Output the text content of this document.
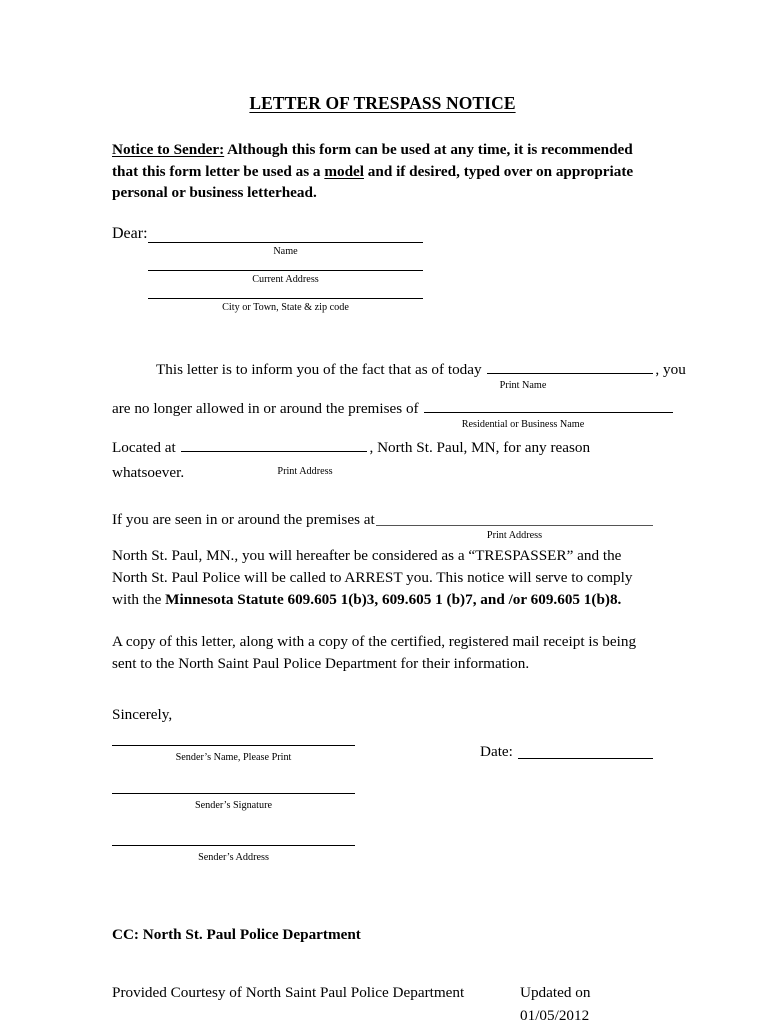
LETTER OF TRESPASS NOTICE

Notice to Sender: Although this form can be used at any time, it is recommended that this form letter be used as a model and if desired, typed over on appropriate personal or business letterhead.

Dear:
Name
Current Address
City or Town, State & zip code
This letter is to inform you of the fact that as of today	, you
Print Name
are no longer allowed in or around the premises of
Residential or Business Name
Located at	, North St. Paul, MN, for any reason
whatsoever.	Print Address
If you are seen in or around the premises at
Print Address

North St. Paul, MN., you will hereafter be considered as a “TRESPASSER” and the North St. Paul Police will be called to ARREST you. This notice will serve to comply with the Minnesota Statute 609.605 1(b)3, 609.605 1 (b)7, and /or 609.605 1(b)8.

A copy of this letter, along with a copy of the certified, registered mail receipt is being sent to the North Saint Paul Police Department for their information.

Sincerely,

Sender’s Name, Please Print
Sender’s Signature
Sender’s Address
Date:

CC: North St. Paul Police Department

Provided Courtesy of North Saint Paul Police Department	Updated on 01/05/2012
